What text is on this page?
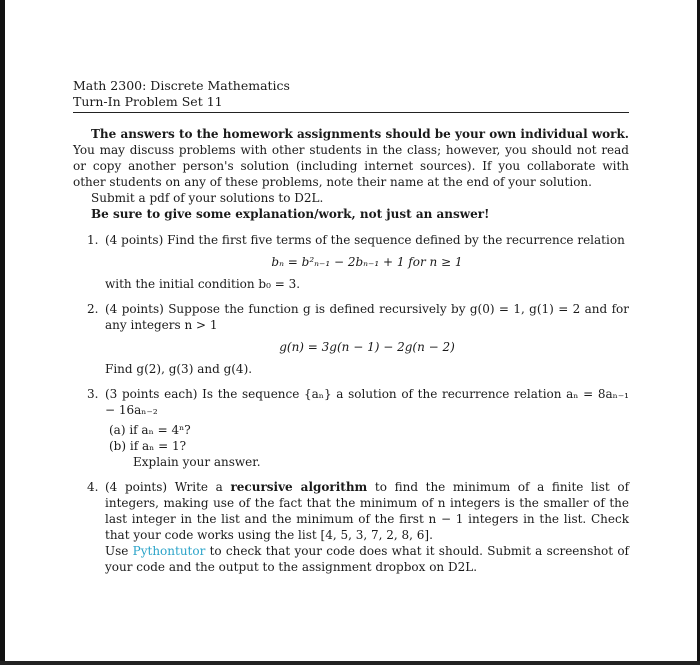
Math 2300: Discrete Mathematics

Turn-In Problem Set 11

The answers to the homework assignments should be your own individual work.

You may discuss problems with other students in the class; however, you should not read or copy another person's solution (including internet sources). If you collaborate with other students on any of these problems, note their name at the end of your solution.

Submit a pdf of your solutions to D2L.

Be sure to give some explanation/work, not just an answer!

1. (4 points) Find the first five terms of the sequence defined by the recurrence relation

bₙ = b²ₙ₋₁ − 2bₙ₋₁ + 1 for n ≥ 1

with the initial condition b₀ = 3.

2. (4 points) Suppose the function g is defined recursively by g(0) = 1, g(1) = 2 and for any integers n > 1

g(n) = 3g(n − 1) − 2g(n − 2)

Find g(2), g(3) and g(4).

3. (3 points each) Is the sequence {aₙ} a solution of the recurrence relation aₙ = 8aₙ₋₁ − 16aₙ₋₂

(a) if aₙ = 4ⁿ?

(b) if aₙ = 1?

Explain your answer.

4. (4 points) Write a recursive algorithm to find the minimum of a finite list of integers, making use of the fact that the minimum of n integers is the smaller of the last integer in the list and the minimum of the first n − 1 integers in the list. Check that your code works using the list [4, 5, 3, 7, 2, 8, 6].

Use Pythontutor to check that your code does what it should. Submit a screenshot of your code and the output to the assignment dropbox on D2L.
